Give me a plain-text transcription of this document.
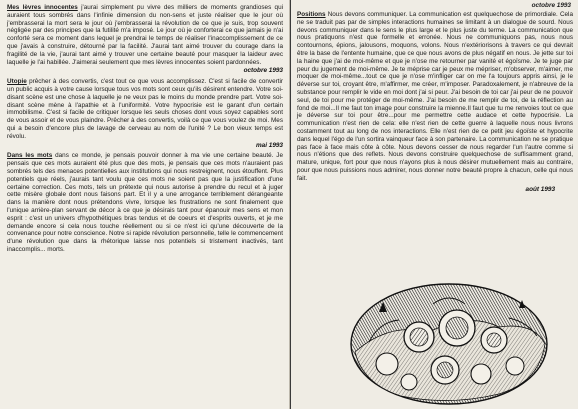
Mes lèvres innocentes j'aurai simplement pu vivre des milliers de moments grandioses qui auraient tous sombrés dans l'infinie dimension du non-sens et juste réaliser que le jour où j'embrasserai la mort sera le jour où j'embrasserai la révolution de ce que je suis, trop souvent négligée par des principes que la futilité m'a imposé. Le jour où je conforterai ce que jamais je n'ai conforté sera ce moment dans lequel je prendrai le temps de réaliser l'inaccomplissement de ce que j'avais à construire, détourné par la facilité. J'aurai tant aimé trouver du courage dans la fragilité de la vie, j'aurai tant aimé y trouver une certaine beauté pour masquer la laideur avec laquelle je l'ai habillée. J'aimerai seulement que mes lèvres innocentes soient pardonnées.

octobre 1993

Utopie prêcher à des convertis, c'est tout ce que vous accomplissez. C'est si facile de convertir un public acquis à votre cause lorsque tous vos mots sont ceux qu'ils désirent entendre. Votre soi-disant scène est une chose à laquelle je ne veux pas le moins du monde prendre part. Votre soi-disant scène mène à l'apathie et à l'uniformité. Votre hypocrisie est le garant d'un certain immobilisme. C'est si facile de critiquer lorsque les seuls choses dont vous soyez capables sont de vous assoir et de vous plaindre. Prêcher à des convertis, voilà ce que vous voulez de moi. Mes qui a besoin d'encore plus de lavage de cerveau au nom de l'unité ? Le bon vieux temps est révolu.

mai 1993

Dans les mots dans ce monde, je pensais pouvoir donner à ma vie une certaine beauté. Je pensais que ces mots auraient été plus que des mots, je pensais que ces mots n'auraient pas sombrés tels des menaces potentielles aux institutions qui nous restreignent, nous étouffent. Plus potentiels que réels, j'aurais tant voulu que ces mots ne soient pas que la justification d'une certaine correction. Ces mots, tels un prétexte qui nous autorise à prendre du recul et à juger cette misère globale dont nous faisons part. Et il y a une arrogance terriblement dérangeante dans la manière dont nous prétendons vivre, lorsque les frustrations ne sont finalement que l'unique arrière-plan servant de décor à ce que je désirais tant pour épanouir mes sens et mon esprit : c'est un univers d'hypothétiques bras tendus et de coeurs et d'esprits ouverts, et je me demande encore si cela nous touche réellement ou si ce n'est ici qu'une découverte de la convenance pour notre conscience. Notre si rapide révolution personnelle, telle le commencement d'une révolution que dans la rhétorique laisse nos potentiels si tristement inactivés, tant inaccomplis... morts.

octobre 1993

Positions Nous devons communiquer. La communication est quelquechose de primordiale. Cela ne se traduit pas par de simples interactions humaines se limitant à un dialogue de sourd. Nous devons communiquer dans le sens le plus large et le plus juste du terme. La communication que nous pratiquons n'est que formelle et erronée. Nous ne communiquons pas, nous nous contournons, épions, jalousons, moquons, volons. Nous n'extériorisons à travers ce qui devrait être la base de l'entente humaine, que ce que nous avons de plus négatif en nous. Je jette sur toi la haine que j'ai de moi-même et que je n'ose me retourner par vanité et égoïsme. Je te juge par peur du jugement de moi-même. Je te méprise car je peux me mépriser, m'observer, m'aimer, me moquer de moi-même...tout ce que je n'ose m'infliger car on me l'a toujours appris ainsi, je le déverse sur toi, croyant être, m'affirmer, me créer, m'imposer. Paradoxalement, je n'abreuve de la substance pour remplir le vide en moi dont j'ai si peur. J'ai besoin de toi car j'ai peur de ne pouvoir seul, de toi pour me protéger de moi-même. J'ai besoin de me remplir de toi, de la réflection au fond de moi...Il me faut ton image pour construire la mienne.Il faut que tu me renvoies tout ce que je déverse sur toi pour être...pour me permettre cette audace et cette hypocrisie. La communication n'est rien de cela: elle n'est rien de cette guerre à laquelle nous nous livrons costamment tout au long de nos interactions. Elle n'est rien de ce petit jeu égoïste et hypocrite dans lequel l'égo de l'un sortira vainqueur face à son partenaire. La communication ne se pratique pas face à face mais côte à côte. Nous devons cesser de nous regarder l'un l'autre comme si nous n'étions que des reflets. Nous devons construire quelquechose de suffisamment grand, mature, unique, fort pour que nous n'ayons plus à nous désirer mutuellement mais au contraire, pour que nous puissions nous admirer, nous donner notre beauté propre à chacun, celle qui nous fait.

août 1993
